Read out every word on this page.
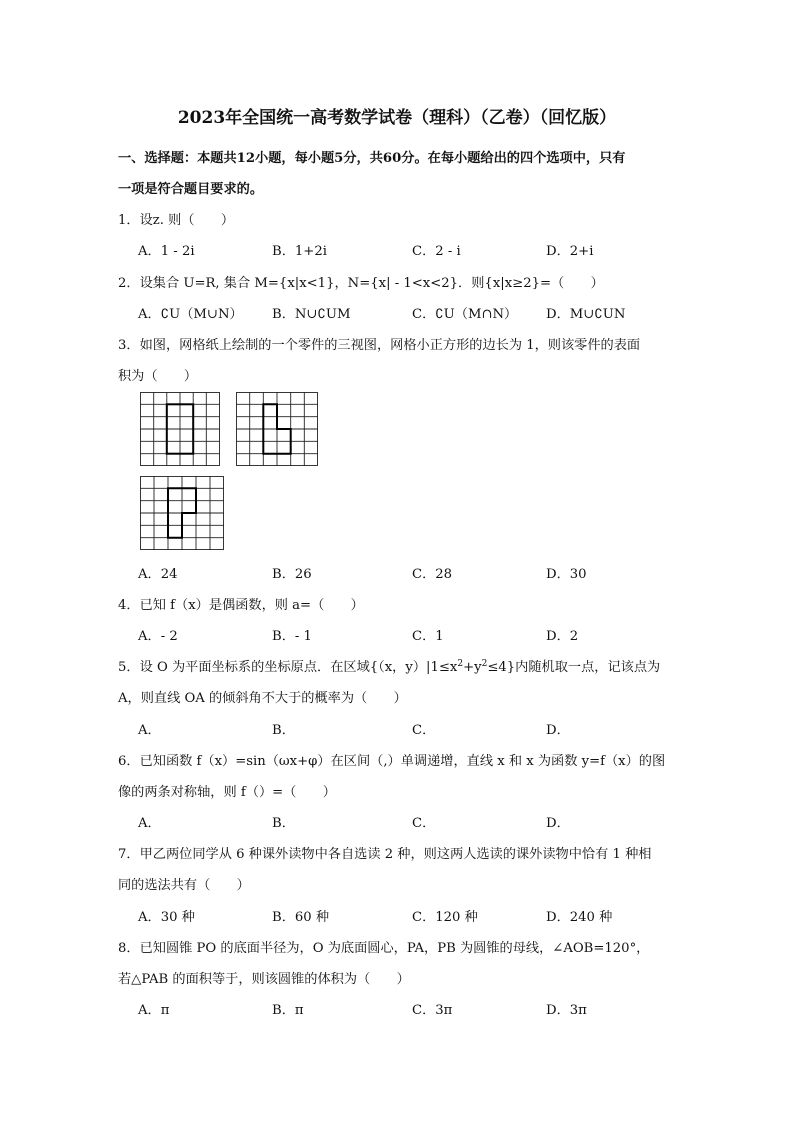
2023年全国统一高考数学试卷（理科）（乙卷）（回忆版）
一、选择题：本题共12小题，每小题5分，共60分。在每小题给出的四个选项中，只有
一项是符合题目要求的。
1．设z. 则（　　）
A．1 - 2i	B．1+2i	C．2 - i	D．2+i
2．设集合 U=R, 集合 M={x|x<1}，N={x| - 1<x<2}．则{x|x≥2}=（　　）
A．∁U（M∪N） B．N∪∁UM	C．∁U（M∩N） D．M∪∁UN
3．如图，网格纸上绘制的一个零件的三视图，网格小正方形的边长为 1，则该零件的表面
积为（　　）
A．24	B．26	C．28	D．30
4．已知 f（x）是偶函数，则 a=（　　）
A．- 2	B．- 1	C．1	D．2
5．设 O 为平面坐标系的坐标原点．在区域{（x，$y)|1\le x^2+y^2\le 4$}内随机取一点，记该点为
A，则直线 OA 的倾斜角不大于的概率为（　　）
A．	B．	C．	D．
6．已知函数 f（x）=sin（ωx+φ）在区间（,）单调递增，直线 x 和 x 为函数 y=f（x）的图
像的两条对称轴，则 f（）=（　　）
A．	B．	C．	D．
7．甲乙两位同学从 6 种课外读物中各自选读 2 种，则这两人选读的课外读物中恰有 1 种相
同的选法共有（　　）
A．30 种	B．60 种	C．120 种	D．240 种
8．已知圆锥 PO 的底面半径为，O 为底面圆心，PA，PB 为圆锥的母线，∠AOB=120°，
若△PAB 的面积等于，则该圆锥的体积为（　　）
A．π	B．π	C．3π	D．3π
